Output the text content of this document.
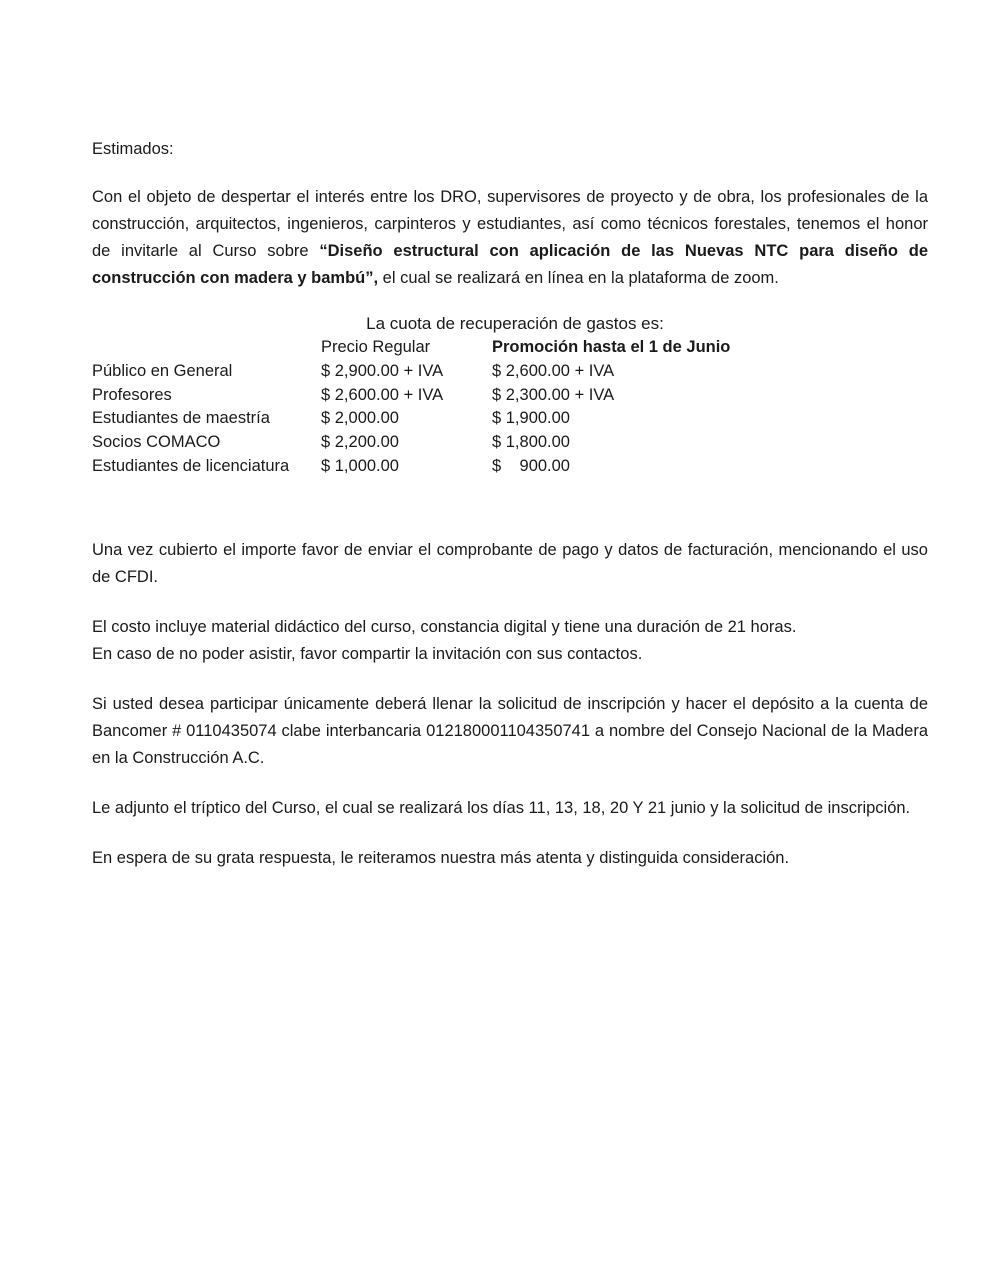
Estimados:

Con el objeto de despertar el interés entre los DRO, supervisores de proyecto y de obra, los profesionales de la construcción, arquitectos, ingenieros, carpinteros y estudiantes, así como técnicos forestales, tenemos el honor de invitarle al Curso sobre “Diseño estructural con aplicación de las Nuevas NTC para diseño de construcción con madera y bambú”, el cual se realizará en línea en la plataforma de zoom.

La cuota de recuperación de gastos es:
	Precio Regular	Promoción hasta el 1 de Junio
Público en General	$ 2,900.00 + IVA	$ 2,600.00 + IVA
Profesores	$ 2,600.00 + IVA	$ 2,300.00 + IVA
Estudiantes de maestría	$ 2,000.00	$ 1,900.00
Socios COMACO	$ 2,200.00	$ 1,800.00
Estudiantes de licenciatura	$ 1,000.00	$    900.00

Una vez cubierto el importe favor de enviar el comprobante de pago y datos de facturación, mencionando el uso de CFDI.

El costo incluye material didáctico del curso, constancia digital y tiene una duración de 21 horas.

En caso de no poder asistir, favor compartir la invitación con sus contactos.

Si usted desea participar únicamente deberá llenar la solicitud de inscripción y hacer el depósito a la cuenta de Bancomer # 0110435074 clabe interbancaria 012180001104350741 a nombre del Consejo Nacional de la Madera en la Construcción A.C.

Le adjunto el tríptico del Curso, el cual se realizará los días 11, 13, 18, 20 Y 21 junio y la solicitud de inscripción.

En espera de su grata respuesta, le reiteramos nuestra más atenta y distinguida consideración.
